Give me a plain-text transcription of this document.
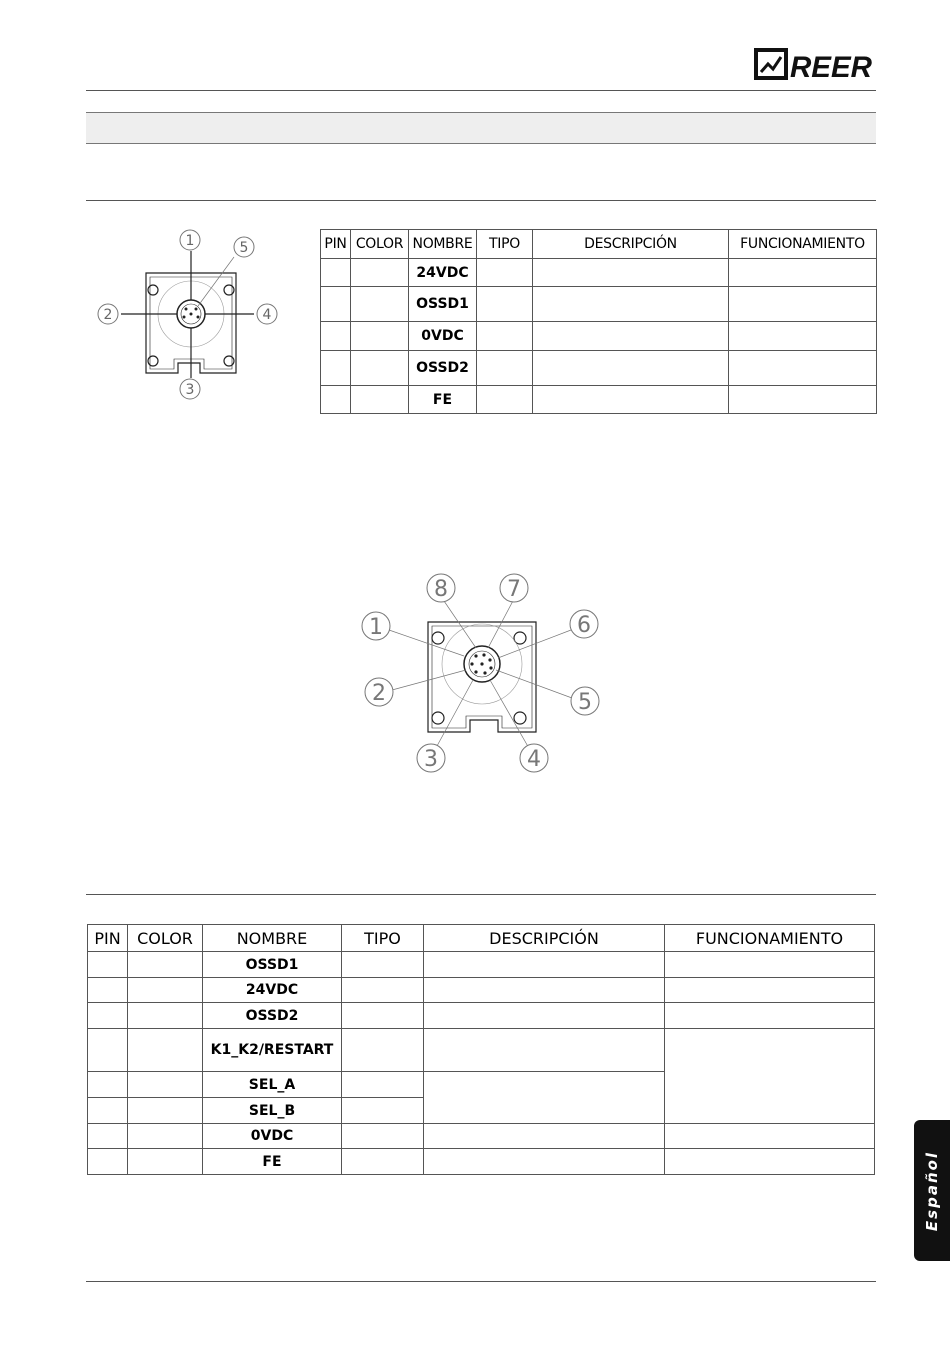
REER
1	5
2	4
3
PIN	COLOR	NOMBRE	TIPO	DESCRIPCIÓN	FUNCIONAMIENTO
		24VDC			
		OSSD1			
		0VDC			
		OSSD2			
		FE			
8	7
1	6
2	5
3	4
PIN	COLOR	NOMBRE	TIPO	DESCRIPCIÓN	FUNCIONAMIENTO
		OSSD1			
		24VDC			
		OSSD2			
		K1_K2/RESTART			
		SEL_A			
		SEL_B			
		0VDC			
		FE				Español
